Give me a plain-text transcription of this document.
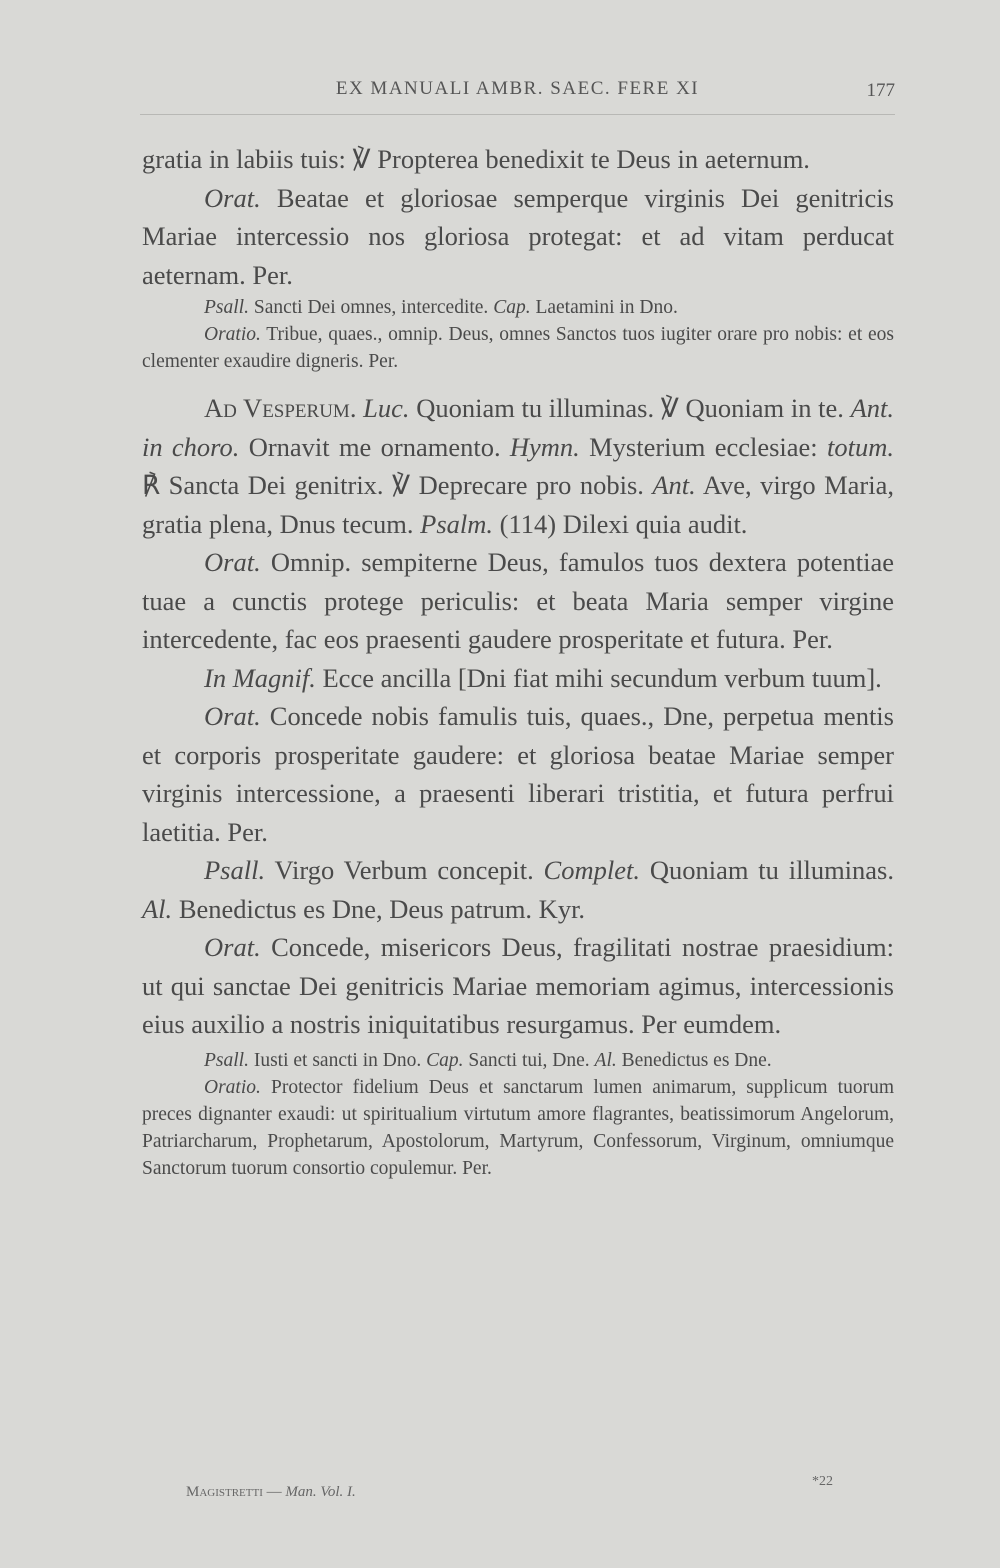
EX MANUALI AMBR. SAEC. FERE XI	177

gratia in labiis tuis: ℣ Propterea benedixit te Deus in aeternum.

Orat. Beatae et gloriosae semperque virginis Dei genitricis Mariae intercessio nos gloriosa protegat: et ad vitam perducat aeternam. Per.

Psall. Sancti Dei omnes, intercedite. Cap. Laetamini in Dno.

Oratio. Tribue, quaes., omnip. Deus, omnes Sanctos tuos iugiter orare pro nobis: et eos clementer exaudire digneris. Per.

Ad Vesperum. Luc. Quoniam tu illuminas. ℣ Quoniam in te. Ant. in choro. Ornavit me ornamento. Hymn. Mysterium ecclesiae: totum. ℟ Sancta Dei genitrix. ℣ Deprecare pro nobis. Ant. Ave, virgo Maria, gratia plena, Dnus tecum. Psalm. (114) Dilexi quia audit.

Orat. Omnip. sempiterne Deus, famulos tuos dextera potentiae tuae a cunctis protege periculis: et beata Maria semper virgine intercedente, fac eos praesenti gaudere prosperitate et futura. Per.

In Magnif. Ecce ancilla [Dni fiat mihi secundum verbum tuum].

Orat. Concede nobis famulis tuis, quaes., Dne, perpetua mentis et corporis prosperitate gaudere: et gloriosa beatae Mariae semper virginis intercessione, a praesenti liberari tristitia, et futura perfrui laetitia. Per.

Psall. Virgo Verbum concepit. Complet. Quoniam tu illuminas. Al. Benedictus es Dne, Deus patrum. Kyr.

Orat. Concede, misericors Deus, fragilitati nostrae praesidium: ut qui sanctae Dei genitricis Mariae memoriam agimus, intercessionis eius auxilio a nostris iniquitatibus resurgamus. Per eumdem.

Psall. Iusti et sancti in Dno. Cap. Sancti tui, Dne. Al. Benedictus es Dne.

Oratio. Protector fidelium Deus et sanctarum lumen animarum, supplicum tuorum preces dignanter exaudi: ut spiritualium virtutum amore flagrantes, beatissimorum Angelorum, Patriarcharum, Prophetarum, Apostolorum, Martyrum, Confessorum, Virginum, omniumque Sanctorum tuorum consortio copulemur. Per.

Magistretti — Man. Vol. I.
*22
